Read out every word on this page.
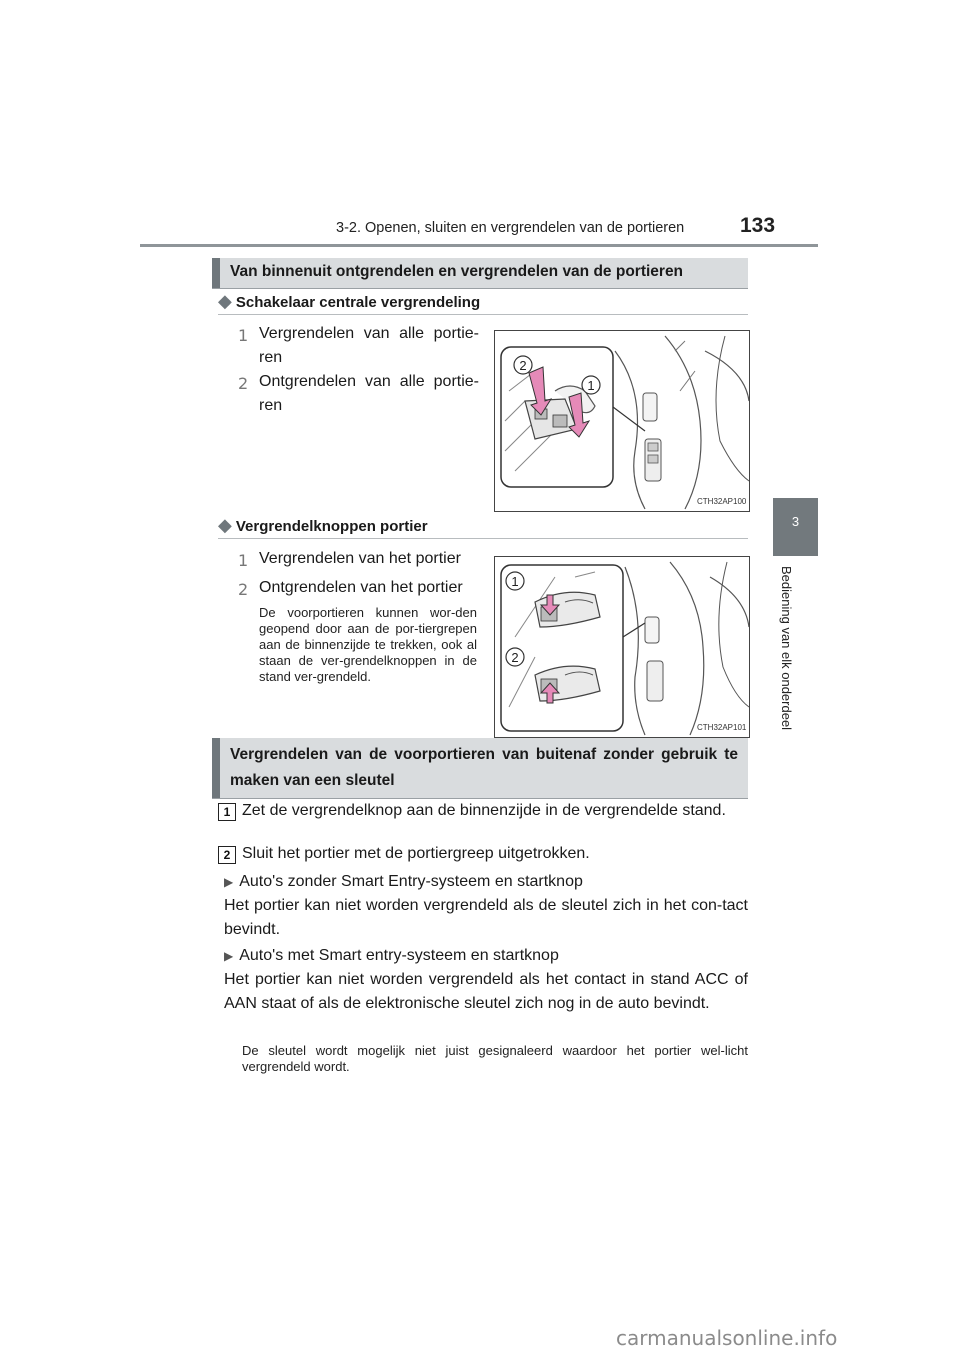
3-2. Openen, sluiten en vergrendelen van de portieren	133
3
Bediening van elk onderdeel
Van binnenuit ontgrendelen en vergrendelen van de portieren
◆ Schakelaar centrale vergrendeling
1 Vergrendelen van alle portie-
ren
2 Ontgrendelen van alle portie-
ren
2
1
CTH32AP100
◆ Vergrendelknoppen portier
1 Vergrendelen van het portier
2 Ontgrendelen van het portier
De voorportieren kunnen wor-den geopend door aan de por-tiergrepen aan de binnenzijde te trekken, ook al staan de ver-grendelknoppen in de stand ver-grendeld.
1
2
CTH32AP101
Vergrendelen van de voorportieren van buitenaf zonder gebruik te maken van een sleutel
1 Zet de vergrendelknop aan de binnenzijde in de vergrendelde stand.
2 Sluit het portier met de portiergreep uitgetrokken.
▶ Auto's zonder Smart Entry-systeem en startknop
Het portier kan niet worden vergrendeld als de sleutel zich in het con-tact bevindt.
▶ Auto's met Smart entry-systeem en startknop
Het portier kan niet worden vergrendeld als het contact in stand ACC of AAN staat of als de elektronische sleutel zich nog in de auto bevindt.
De sleutel wordt mogelijk niet juist gesignaleerd waardoor het portier wel-licht vergrendeld wordt.
carmanualsonline.info
